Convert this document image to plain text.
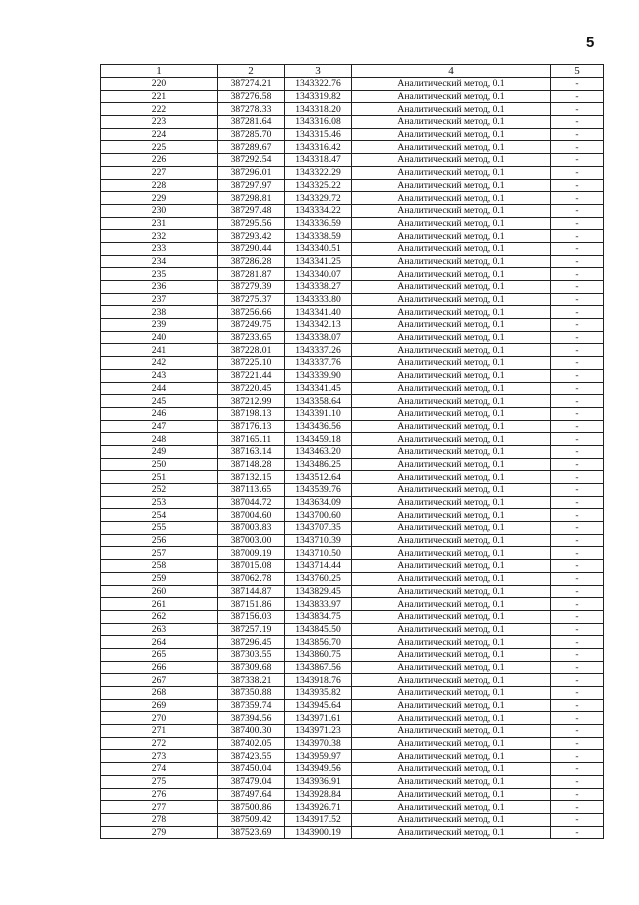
5
1	2	3	4	5
220	387274.21	1343322.76	Аналитический метод, 0.1	-
221	387276.58	1343319.82	Аналитический метод, 0.1	-
222	387278.33	1343318.20	Аналитический метод, 0.1	-
223	387281.64	1343316.08	Аналитический метод, 0.1	-
224	387285.70	1343315.46	Аналитический метод, 0.1	-
225	387289.67	1343316.42	Аналитический метод, 0.1	-
226	387292.54	1343318.47	Аналитический метод, 0.1	-
227	387296.01	1343322.29	Аналитический метод, 0.1	-
228	387297.97	1343325.22	Аналитический метод, 0.1	-
229	387298.81	1343329.72	Аналитический метод, 0.1	-
230	387297.48	1343334.22	Аналитический метод, 0.1	-
231	387295.56	1343336.59	Аналитический метод, 0.1	-
232	387293.42	1343338.59	Аналитический метод, 0.1	-
233	387290.44	1343340.51	Аналитический метод, 0.1	-
234	387286.28	1343341.25	Аналитический метод, 0.1	-
235	387281.87	1343340.07	Аналитический метод, 0.1	-
236	387279.39	1343338.27	Аналитический метод, 0.1	-
237	387275.37	1343333.80	Аналитический метод, 0.1	-
238	387256.66	1343341.40	Аналитический метод, 0.1	-
239	387249.75	1343342.13	Аналитический метод, 0.1	-
240	387233.65	1343338.07	Аналитический метод, 0.1	-
241	387228.01	1343337.26	Аналитический метод, 0.1	-
242	387225.10	1343337.76	Аналитический метод, 0.1	-
243	387221.44	1343339.90	Аналитический метод, 0.1	-
244	387220.45	1343341.45	Аналитический метод, 0.1	-
245	387212.99	1343358.64	Аналитический метод, 0.1	-
246	387198.13	1343391.10	Аналитический метод, 0.1	-
247	387176.13	1343436.56	Аналитический метод, 0.1	-
248	387165.11	1343459.18	Аналитический метод, 0.1	-
249	387163.14	1343463.20	Аналитический метод, 0.1	-
250	387148.28	1343486.25	Аналитический метод, 0.1	-
251	387132.15	1343512.64	Аналитический метод, 0.1	-
252	387113.65	1343539.76	Аналитический метод, 0.1	-
253	387044.72	1343634.09	Аналитический метод, 0.1	-
254	387004.60	1343700.60	Аналитический метод, 0.1	-
255	387003.83	1343707.35	Аналитический метод, 0.1	-
256	387003.00	1343710.39	Аналитический метод, 0.1	-
257	387009.19	1343710.50	Аналитический метод, 0.1	-
258	387015.08	1343714.44	Аналитический метод, 0.1	-
259	387062.78	1343760.25	Аналитический метод, 0.1	-
260	387144.87	1343829.45	Аналитический метод, 0.1	-
261	387151.86	1343833.97	Аналитический метод, 0.1	-
262	387156.03	1343834.75	Аналитический метод, 0.1	-
263	387257.19	1343845.50	Аналитический метод, 0.1	-
264	387296.45	1343856.70	Аналитический метод, 0.1	-
265	387303.55	1343860.75	Аналитический метод, 0.1	-
266	387309.68	1343867.56	Аналитический метод, 0.1	-
267	387338.21	1343918.76	Аналитический метод, 0.1	-
268	387350.88	1343935.82	Аналитический метод, 0.1	-
269	387359.74	1343945.64	Аналитический метод, 0.1	-
270	387394.56	1343971.61	Аналитический метод, 0.1	-
271	387400.30	1343971.23	Аналитический метод, 0.1	-
272	387402.05	1343970.38	Аналитический метод, 0.1	-
273	387423.55	1343959.97	Аналитический метод, 0.1	-
274	387450.04	1343949.56	Аналитический метод, 0.1	-
275	387479.04	1343936.91	Аналитический метод, 0.1	-
276	387497.64	1343928.84	Аналитический метод, 0.1	-
277	387500.86	1343926.71	Аналитический метод, 0.1	-
278	387509.42	1343917.52	Аналитический метод, 0.1	-
279	387523.69	1343900.19	Аналитический метод, 0.1	-
